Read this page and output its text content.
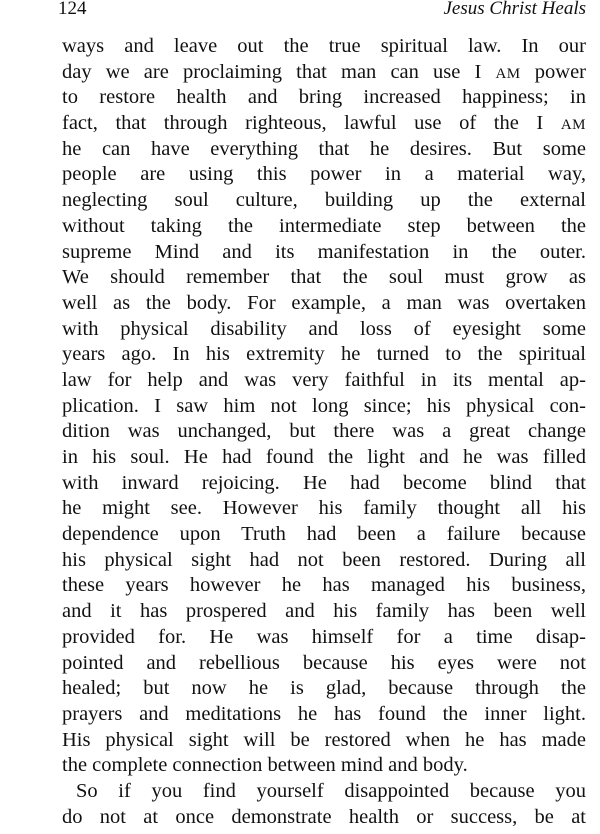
124	Jesus Christ Heals
ways and leave out the true spiritual law. In our
day we are proclaiming that man can use I AM power
to restore health and bring increased happiness; in
fact, that through righteous, lawful use of the I AM
he can have everything that he desires. But some
people are using this power in a material way,
neglecting soul culture, building up the external
without taking the intermediate step between the
supreme Mind and its manifestation in the outer.
We should remember that the soul must grow as
well as the body. For example, a man was overtaken
with physical disability and loss of eyesight some
years ago. In his extremity he turned to the spiritual
law for help and was very faithful in its mental ap-
plication. I saw him not long since; his physical con-
dition was unchanged, but there was a great change
in his soul. He had found the light and he was filled
with inward rejoicing. He had become blind that
he might see. However his family thought all his
dependence upon Truth had been a failure because
his physical sight had not been restored. During all
these years however he has managed his business,
and it has prospered and his family has been well
provided for. He was himself for a time disap-
pointed and rebellious because his eyes were not
healed; but now he is glad, because through the
prayers and meditations he has found the inner light.
His physical sight will be restored when he has made
the complete connection between mind and body.
So if you find yourself disappointed because you
do not at once demonstrate health or success, be at
